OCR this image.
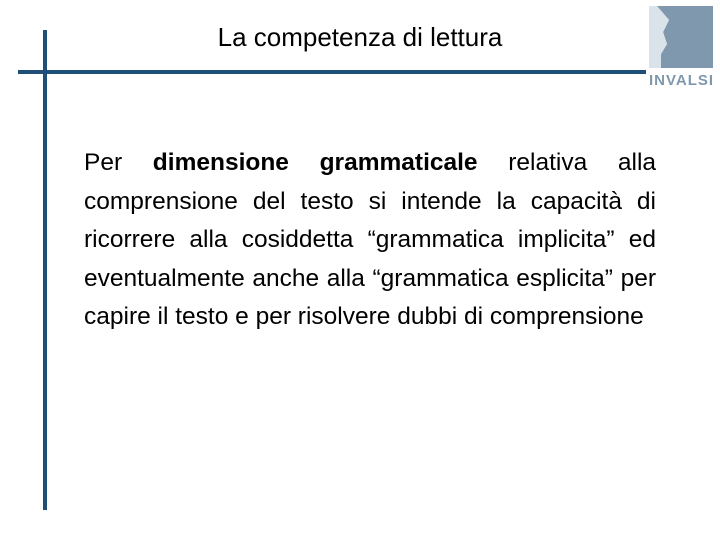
La competenza di lettura
INVALSI
Per dimensione grammaticale relativa alla comprensione del testo si intende la capacità di ricorrere alla cosiddetta “grammatica implicita” ed eventualmente anche alla “grammatica esplicita” per capire il testo e per risolvere dubbi di comprensione
